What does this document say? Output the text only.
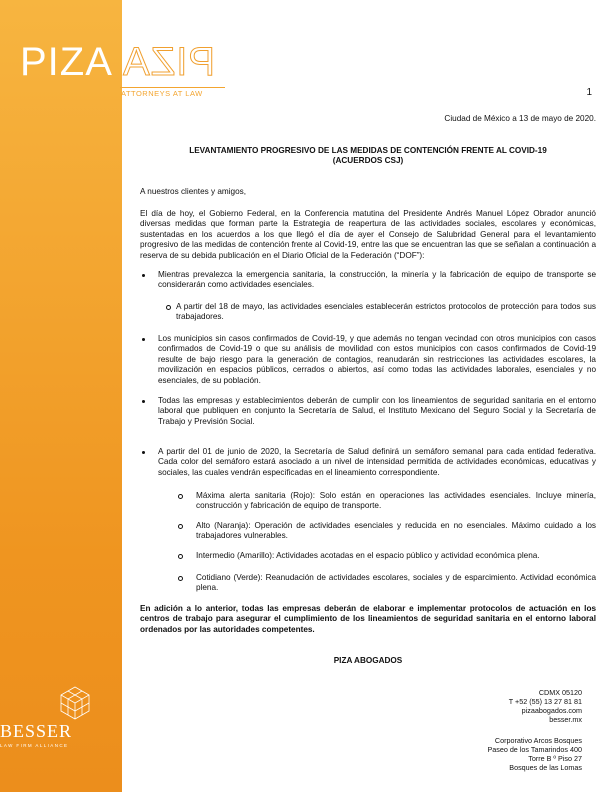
PIZA PIZA
ATTORNEYS AT LAW	1
Ciudad de México a 13 de mayo de 2020.
LEVANTAMIENTO PROGRESIVO DE LAS MEDIDAS DE CONTENCIÓN FRENTE AL COVID-19
(ACUERDOS CSJ)
A nuestros clientes y amigos,
El día de hoy, el Gobierno Federal, en la Conferencia matutina del Presidente Andrés Manuel López Obrador anunció diversas medidas que forman parte la Estrategia de reapertura de las actividades sociales, escolares y económicas, sustentadas en los acuerdos a los que llegó el día de ayer el Consejo de Salubridad General para el levantamiento progresivo de las medidas de contención frente al Covid-19, entre las que se encuentran las que se señalan a continuación a reserva de su debida publicación en el Diario Oficial de la Federación (“DOF”):
Mientras prevalezca la emergencia sanitaria, la construcción, la minería y la fabricación de equipo de transporte se considerarán como actividades esenciales.
A partir del 18 de mayo, las actividades esenciales establecerán estrictos protocolos de protección para todos sus trabajadores.
Los municipios sin casos confirmados de Covid-19, y que además no tengan vecindad con otros municipios con casos confirmados de Covid-19 o que su análisis de movilidad con estos municipios con casos confirmados de Covid-19 resulte de bajo riesgo para la generación de contagios, reanudarán sin restricciones las actividades escolares, la movilización en espacios públicos, cerrados o abiertos, así como todas las actividades laborales, esenciales y no esenciales, de su población.
Todas las empresas y establecimientos deberán de cumplir con los lineamientos de seguridad sanitaria en el entorno laboral que publiquen en conjunto la Secretaría de Salud, el Instituto Mexicano del Seguro Social y la Secretaría de Trabajo y Previsión Social.
A partir del 01 de junio de 2020, la Secretaría de Salud definirá un semáforo semanal para cada entidad federativa. Cada color del semáforo estará asociado a un nivel de intensidad permitida de actividades económicas, educativas y sociales, las cuales vendrán especificadas en el lineamiento correspondiente.
Máxima alerta sanitaria (Rojo): Solo están en operaciones las actividades esenciales. Incluye minería, construcción y fabricación de equipo de transporte.
Alto (Naranja): Operación de actividades esenciales y reducida en no esenciales. Máximo cuidado a los trabajadores vulnerables.
Intermedio (Amarillo): Actividades acotadas en el espacio público y actividad económica plena.
Cotidiano (Verde): Reanudación de actividades escolares, sociales y de esparcimiento. Actividad económica plena.
En adición a lo anterior, todas las empresas deberán de elaborar e implementar protocolos de actuación en los centros de trabajo para asegurar el cumplimiento de los lineamientos de seguridad sanitaria en el entorno laboral ordenados por las autoridades competentes.
PIZA ABOGADOS
CDMX 05120
T +52 (55) 13 27 81 81
pizaabogados.com
besser.mx
Corporativo Arcos Bosques
Paseo de los Tamarindos 400
Torre B º Piso 27
Bosques de las Lomas
BESSER
LAW FIRM ALLIANCE
